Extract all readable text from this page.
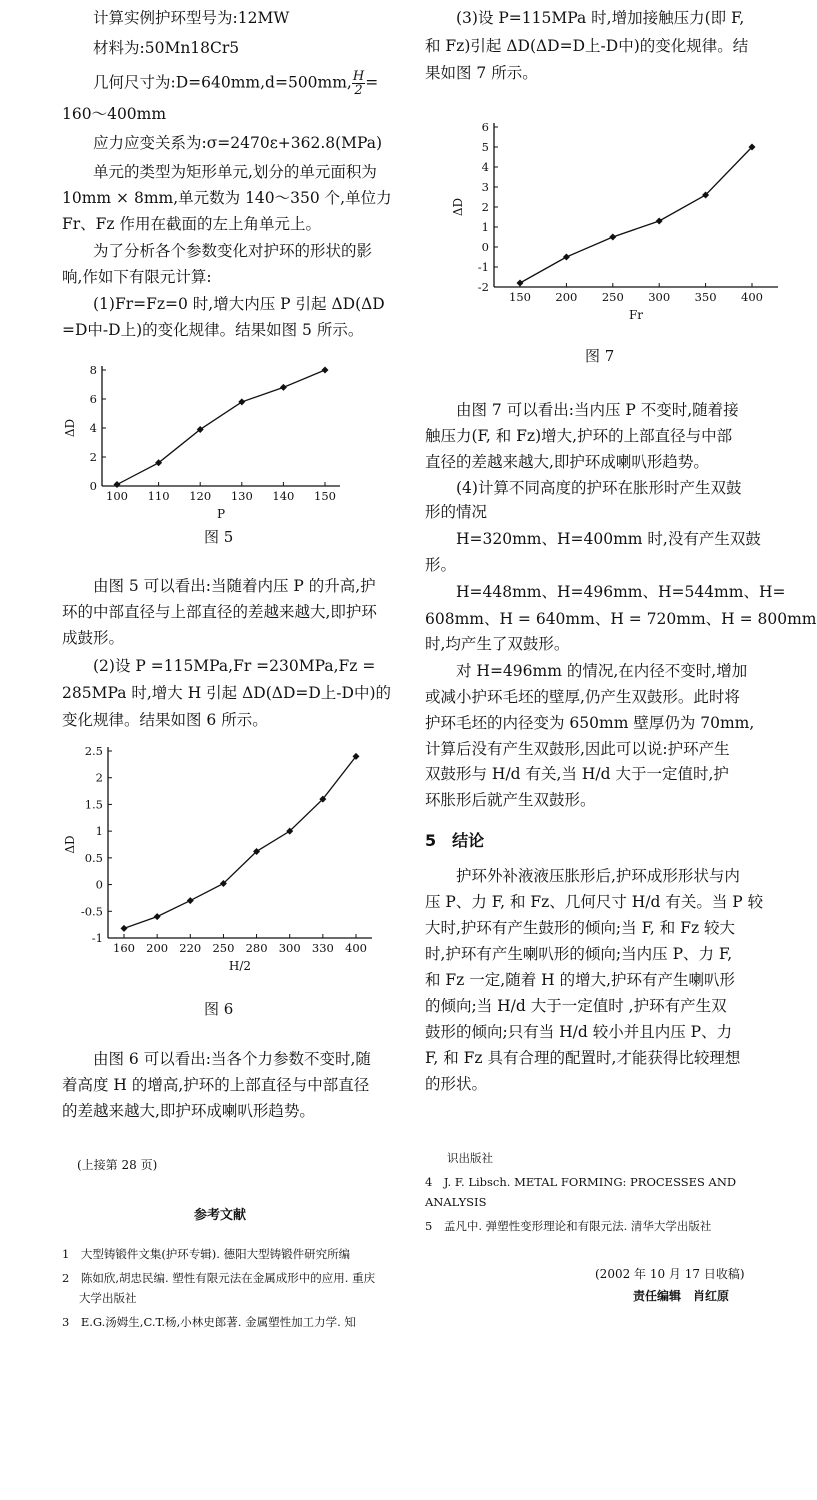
计算实例护环型号为:12MW
材料为:50Mn18Cr5
几何尺寸为:D=640mm,d=500mm, $\frac{H}{2}$ =
160～400mm
应力应变关系为:σ=2470ε+362.8(MPa)
单元的类型为矩形单元,划分的单元面积为
10mm × 8mm,单元数为 140～350 个,单位力
Fr、Fz 作用在截面的左上角单元上。
为了分析各个参数变化对护环的形状的影
响,作如下有限元计算:
(1)Fr=Fz=0 时,增大内压 P 引起 ΔD(ΔD
=D中-D上)的变化规律。结果如图 5 所示。
0
2
4
6
8
100 110 120 130 140 150
P
ΔD
图 5
由图 5 可以看出:当随着内压 P 的升高,护
环的中部直径与上部直径的差越来越大,即护环
成鼓形。
(2)设 P =115MPa,Fr =230MPa,Fz =
285MPa 时,增大 H 引起 ΔD(ΔD=D上-D中)的
变化规律。结果如图 6 所示。
-1
-0.5
0
0.5
1
1.5
2
2.5
160 200 220 250 280 300 330 400
H/2
ΔD
图 6
由图 6 可以看出:当各个力参数不变时,随
着高度 H 的增高,护环的上部直径与中部直径
的差越来越大,即护环成喇叭形趋势。
(上接第 28 页)
参考文献
1　大型铸锻件文集(护环专辑). 德阳大型铸锻件研究所编
2　陈如欣,胡忠民编. 塑性有限元法在金属成形中的应用. 重庆
大学出版社
3　E.G.汤姆生,C.T.杨,小林史郎著. 金属塑性加工力学. 知
(3)设 P=115MPa 时,增加接触压力(即 F,
和 Fz)引起 ΔD(ΔD=D上-D中)的变化规律。结
果如图 7 所示。
-2
-1
0
1
2
3
4
5
6
150 200 250 300 350 400
Fr
ΔD
图 7
由图 7 可以看出:当内压 P 不变时,随着接
触压力(F, 和 Fz)增大,护环的上部直径与中部
直径的差越来越大,即护环成喇叭形趋势。
(4)计算不同高度的护环在胀形时产生双鼓
形的情况
H=320mm、H=400mm 时,没有产生双鼓
形。
H=448mm、H=496mm、H=544mm、H=
608mm、H = 640mm、H = 720mm、H = 800mm
时,均产生了双鼓形。
对 H=496mm 的情况,在内径不变时,增加
或减小护环毛坯的壁厚,仍产生双鼓形。此时将
护环毛坯的内径变为 650mm 壁厚仍为 70mm,
计算后没有产生双鼓形,因此可以说:护环产生
双鼓形与 H/d 有关,当 H/d 大于一定值时,护
环胀形后就产生双鼓形。
5　结论
护环外补液液压胀形后,护环成形形状与内
压 P、力 F, 和 Fz、几何尺寸 H/d 有关。当 P 较
大时,护环有产生鼓形的倾向;当 F, 和 Fz 较大
时,护环有产生喇叭形的倾向;当内压 P、力 F,
和 Fz 一定,随着 H 的增大,护环有产生喇叭形
的倾向;当 H/d 大于一定值时 ,护环有产生双
鼓形的倾向;只有当 H/d 较小并且内压 P、力
F, 和 Fz 具有合理的配置时,才能获得比较理想
的形状。
识出版社
4　J. F. Libsch. METAL FORMING: PROCESSES AND
ANALYSIS
5　孟凡中. 弹塑性变形理论和有限元法. 清华大学出版社
(2002 年 10 月 17 日收稿)
责任编辑　肖红原
